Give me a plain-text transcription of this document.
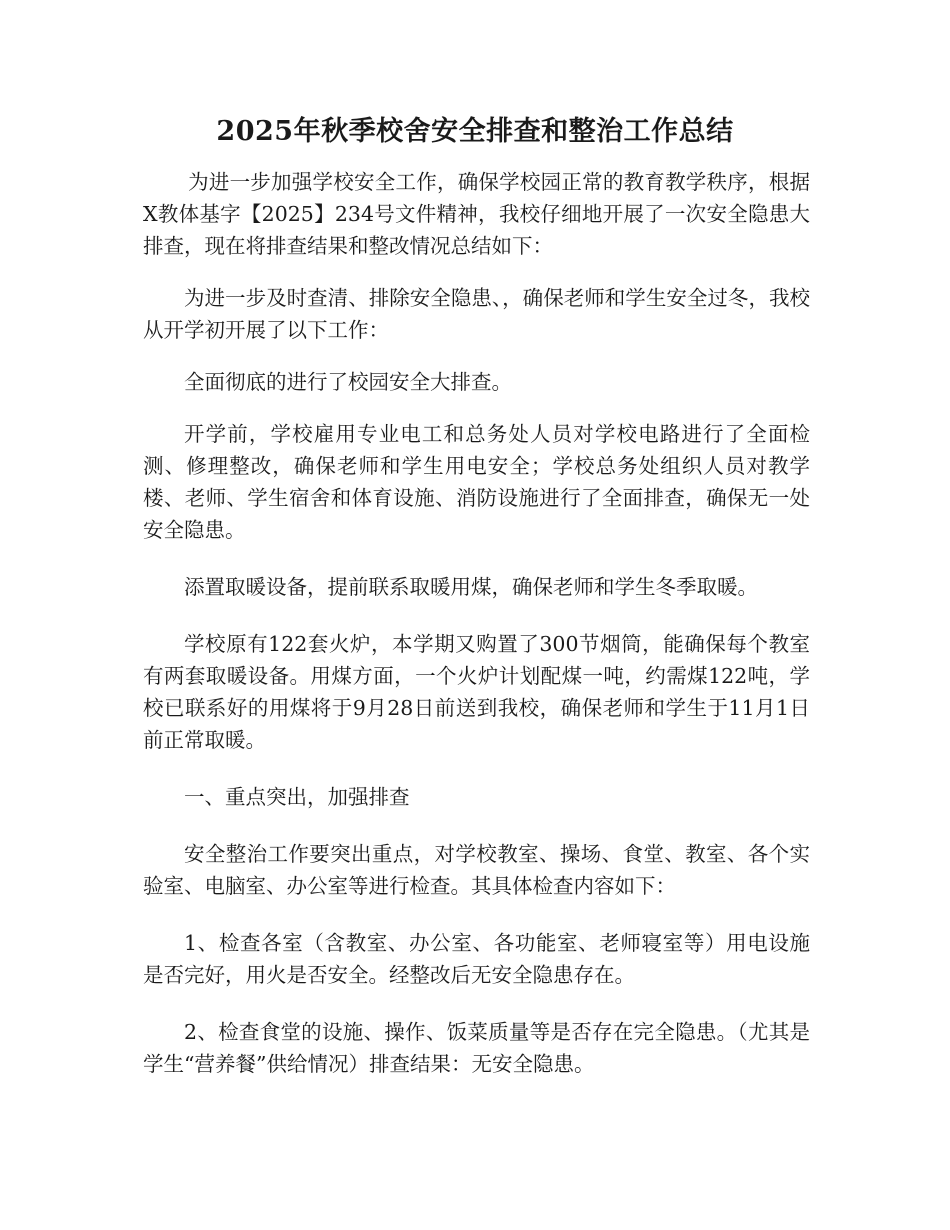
2025年秋季校舍安全排查和整治工作总结

为进一步加强学校安全工作，确保学校园正常的教育教学秩序，根据X教体基字【2025】234号文件精神，我校仔细地开展了一次安全隐患大排查，现在将排查结果和整改情况总结如下：

为进一步及时查清、排除安全隐患、，确保老师和学生安全过冬，我校从开学初开展了以下工作：

全面彻底的进行了校园安全大排查。

开学前，学校雇用专业电工和总务处人员对学校电路进行了全面检测、修理整改，确保老师和学生用电安全；学校总务处组织人员对教学楼、老师、学生宿舍和体育设施、消防设施进行了全面排查，确保无一处安全隐患。

添置取暖设备，提前联系取暖用煤，确保老师和学生冬季取暖。

学校原有122套火炉，本学期又购置了300节烟筒，能确保每个教室有两套取暖设备。用煤方面，一个火炉计划配煤一吨，约需煤122吨，学校已联系好的用煤将于9月28日前送到我校，确保老师和学生于11月1日前正常取暖。

一、重点突出，加强排查

安全整治工作要突出重点，对学校教室、操场、食堂、教室、各个实验室、电脑室、办公室等进行检查。其具体检查内容如下：

1、检查各室（含教室、办公室、各功能室、老师寝室等）用电设施是否完好，用火是否安全。经整改后无安全隐患存在。

2、检查食堂的设施、操作、饭菜质量等是否存在完全隐患。（尤其是学生“营养餐”供给情况）排查结果：无安全隐患。
